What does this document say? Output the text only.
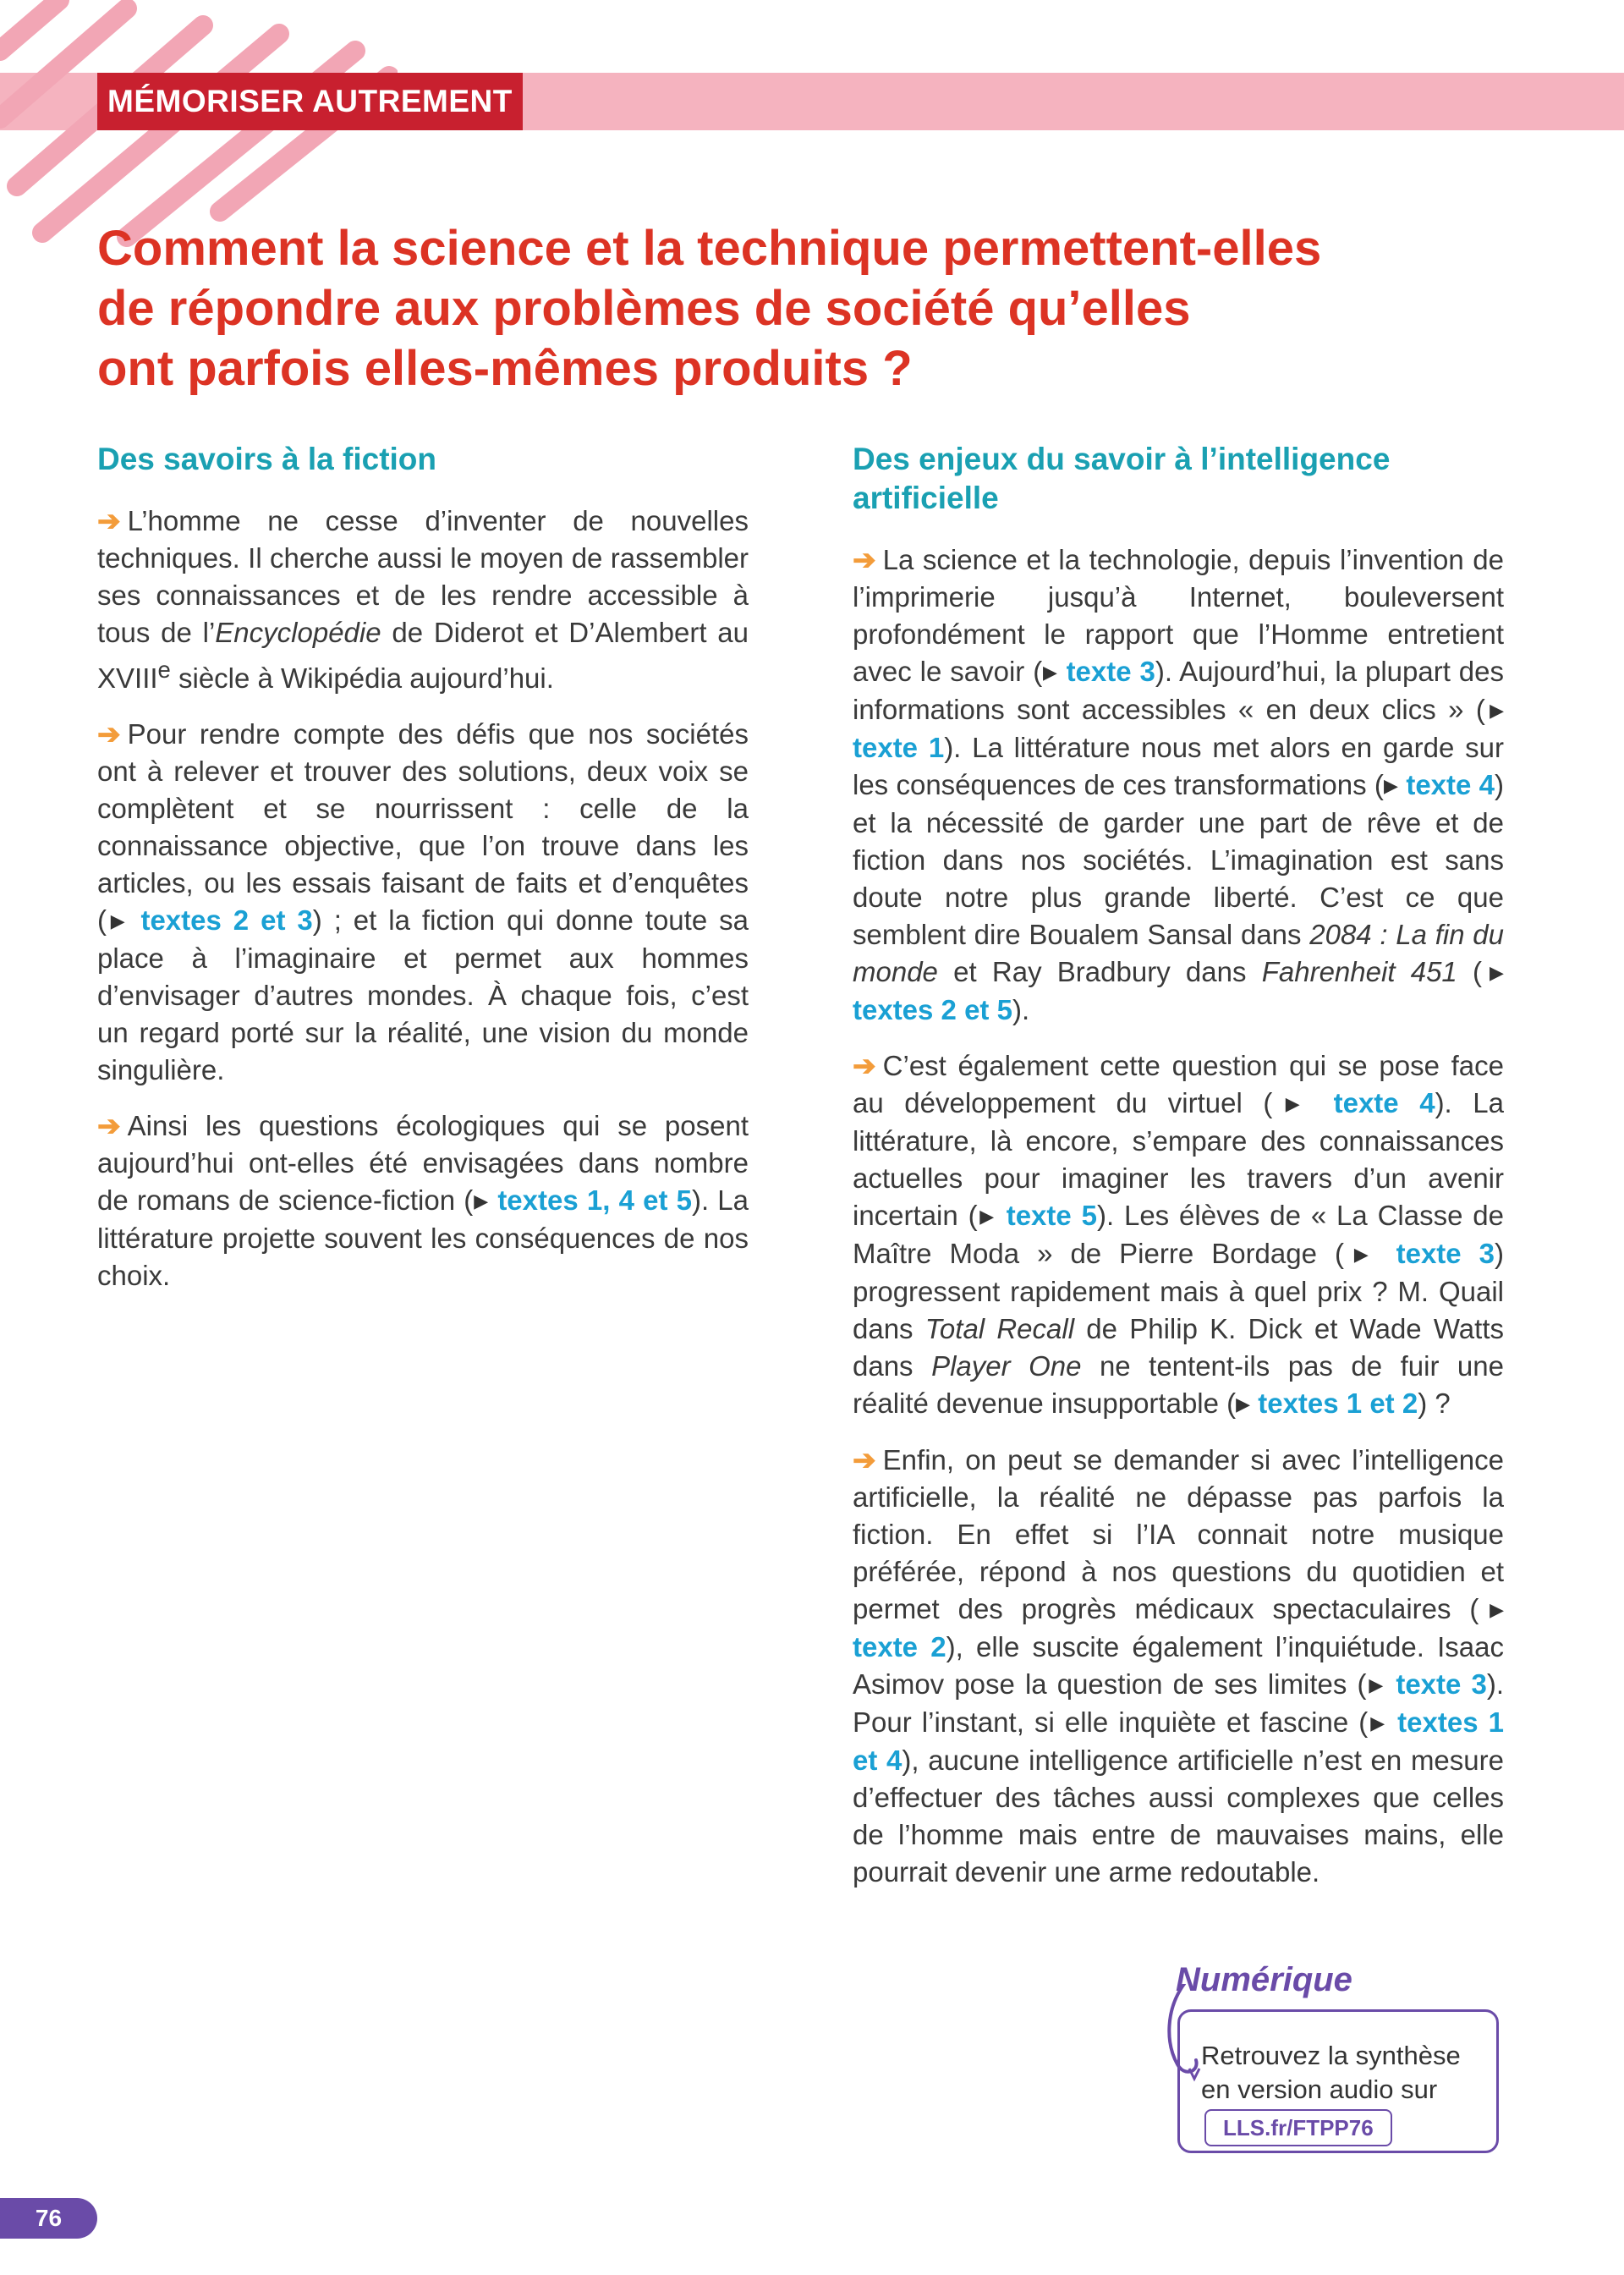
MÉMORISER AUTREMENT
Comment la science et la technique permettent-elles
de répondre aux problèmes de société qu’elles
ont parfois elles-mêmes produits ?
Des savoirs à la fiction

➔ L’homme ne cesse d’inventer de nouvelles techniques. Il cherche aussi le moyen de rassembler ses connaissances et de les rendre accessible à tous de l’Encyclopédie de Diderot et D’Alembert au XVIIIe siècle à Wikipédia aujourd’hui.

➔ Pour rendre compte des défis que nos sociétés ont à relever et trouver des solutions, deux voix se complètent et se nourrissent : celle de la connaissance objective, que l’on trouve dans les articles, ou les essais faisant de faits et d’enquêtes (▶ textes 2 et 3) ; et la fiction qui donne toute sa place à l’imaginaire et permet aux hommes d’envisager d’autres mondes. À chaque fois, c’est un regard porté sur la réalité, une vision du monde singulière.

➔ Ainsi les questions écologiques qui se posent aujourd’hui ont-elles été envisagées dans nombre de romans de science-fiction (▶ textes 1, 4 et 5). La littérature projette souvent les conséquences de nos choix.

Des enjeux du savoir à l’intelligence artificielle

➔ La science et la technologie, depuis l’invention de l’imprimerie jusqu’à Internet, bouleversent profondément le rapport que l’Homme entretient avec le savoir (▶ texte 3). Aujourd’hui, la plupart des informations sont accessibles « en deux clics » (▶ texte 1). La littérature nous met alors en garde sur les conséquences de ces transformations (▶ texte 4) et la nécessité de garder une part de rêve et de fiction dans nos sociétés. L’imagination est sans doute notre plus grande liberté. C’est ce que semblent dire Boualem Sansal dans 2084 : La fin du monde et Ray Bradbury dans Fahrenheit 451 (▶ textes 2 et 5).

➔ C’est également cette question qui se pose face au développement du virtuel (▶ texte 4). La littérature, là encore, s’empare des connaissances actuelles pour imaginer les travers d’un avenir incertain (▶ texte 5). Les élèves de « La Classe de Maître Moda » de Pierre Bordage (▶ texte 3) progressent rapidement mais à quel prix ? M. Quail dans Total Recall de Philip K. Dick et Wade Watts dans Player One ne tentent-ils pas de fuir une réalité devenue insupportable (▶ textes 1 et 2) ?

➔ Enfin, on peut se demander si avec l’intelligence artificielle, la réalité ne dépasse pas parfois la fiction. En effet si l’IA connait notre musique préférée, répond à nos questions du quotidien et permet des progrès médicaux spectaculaires (▶ texte 2), elle suscite également l’inquiétude. Isaac Asimov pose la question de ses limites (▶ texte 3). Pour l’instant, si elle inquiète et fascine (▶ textes 1 et 4), aucune intelligence artificielle n’est en mesure d’effectuer des tâches aussi complexes que celles de l’homme mais entre de mauvaises mains, elle pourrait devenir une arme redoutable.

Numérique
Retrouvez la synthèse
en version audio sur
LLS.fr/FTPP76
76
